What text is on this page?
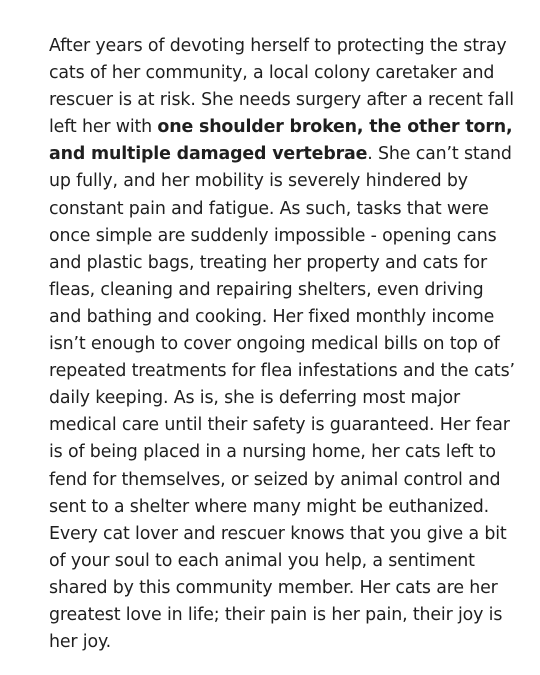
After years of devoting herself to protecting the stray
cats of her community, a local colony caretaker and
rescuer is at risk. She needs surgery after a recent fall
left her with one shoulder broken, the other torn,
and multiple damaged vertebrae. She can’t stand
up fully, and her mobility is severely hindered by
constant pain and fatigue. As such, tasks that were
once simple are suddenly impossible - opening cans
and plastic bags, treating her property and cats for
fleas, cleaning and repairing shelters, even driving
and bathing and cooking. Her fixed monthly income
isn’t enough to cover ongoing medical bills on top of
repeated treatments for flea infestations and the cats’
daily keeping. As is, she is deferring most major
medical care until their safety is guaranteed. Her fear
is of being placed in a nursing home, her cats left to
fend for themselves, or seized by animal control and
sent to a shelter where many might be euthanized.
Every cat lover and rescuer knows that you give a bit
of your soul to each animal you help, a sentiment
shared by this community member. Her cats are her
greatest love in life; their pain is her pain, their joy is
her joy.
